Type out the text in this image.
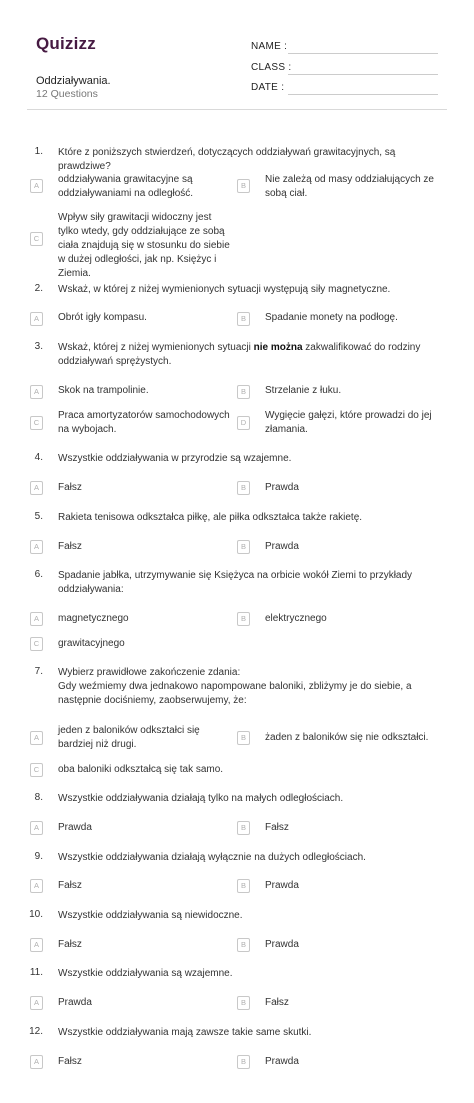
Quizizz
Oddziaływania.
12 Questions
NAME :
CLASS :
DATE :
1. Które z poniższych stwierdzeń, dotyczących oddziaływań grawitacyjnych, są prawdziwe?
A
oddziaływania grawitacyjne są oddziaływaniami na odległość.
B
Nie zależą od masy oddziałujących ze sobą ciał.
C
Wpływ siły grawitacji widoczny jest tylko wtedy, gdy oddziałujące ze sobą ciała znajdują się w stosunku do siebie w dużej odległości, jak np. Księżyc i Ziemia.
2. Wskaż, w której z niżej wymienionych sytuacji występują siły magnetyczne.
A	Obrót igły kompasu.	B	Spadanie monety na podłogę.
3. Wskaż, której z niżej wymienionych sytuacji nie można zakwalifikować do rodziny oddziaływań sprężystych.
A	Skok na trampolinie.	B	Strzelanie z łuku.
C
Praca amortyzatorów samochodowych na wybojach.
D
Wygięcie gałęzi, które prowadzi do jej złamania.
4. Wszystkie oddziaływania w przyrodzie są wzajemne.
A	Fałsz	B	Prawda
5. Rakieta tenisowa odkształca piłkę, ale piłka odkształca także rakietę.
A	Fałsz	B	Prawda
6. Spadanie jabłka, utrzymywanie się Księżyca na orbicie wokół Ziemi to przykłady oddziaływania:
A	magnetycznego	B	elektrycznego
C	grawitacyjnego
7. Wybierz prawidłowe zakończenie zdania:
Gdy weźmiemy dwa jednakowo napompowane baloniki, zbliżymy je do siebie, a następnie dociśniemy, zaobserwujemy, że:
A
jeden z baloników odkształci się bardziej niż drugi.
B	żaden z baloników się nie odkształci.
C	oba baloniki odkształcą się tak samo.
8. Wszystkie oddziaływania działają tylko na małych odległościach.
A	Prawda	B	Fałsz
9. Wszystkie oddziaływania działają wyłącznie na dużych odległościach.
A	Fałsz	B	Prawda
10. Wszystkie oddziaływania są niewidoczne.
A	Fałsz	B	Prawda
11. Wszystkie oddziaływania są wzajemne.
A	Prawda	B	Fałsz
12. Wszystkie oddziaływania mają zawsze takie same skutki.
A	Fałsz	B	Prawda
